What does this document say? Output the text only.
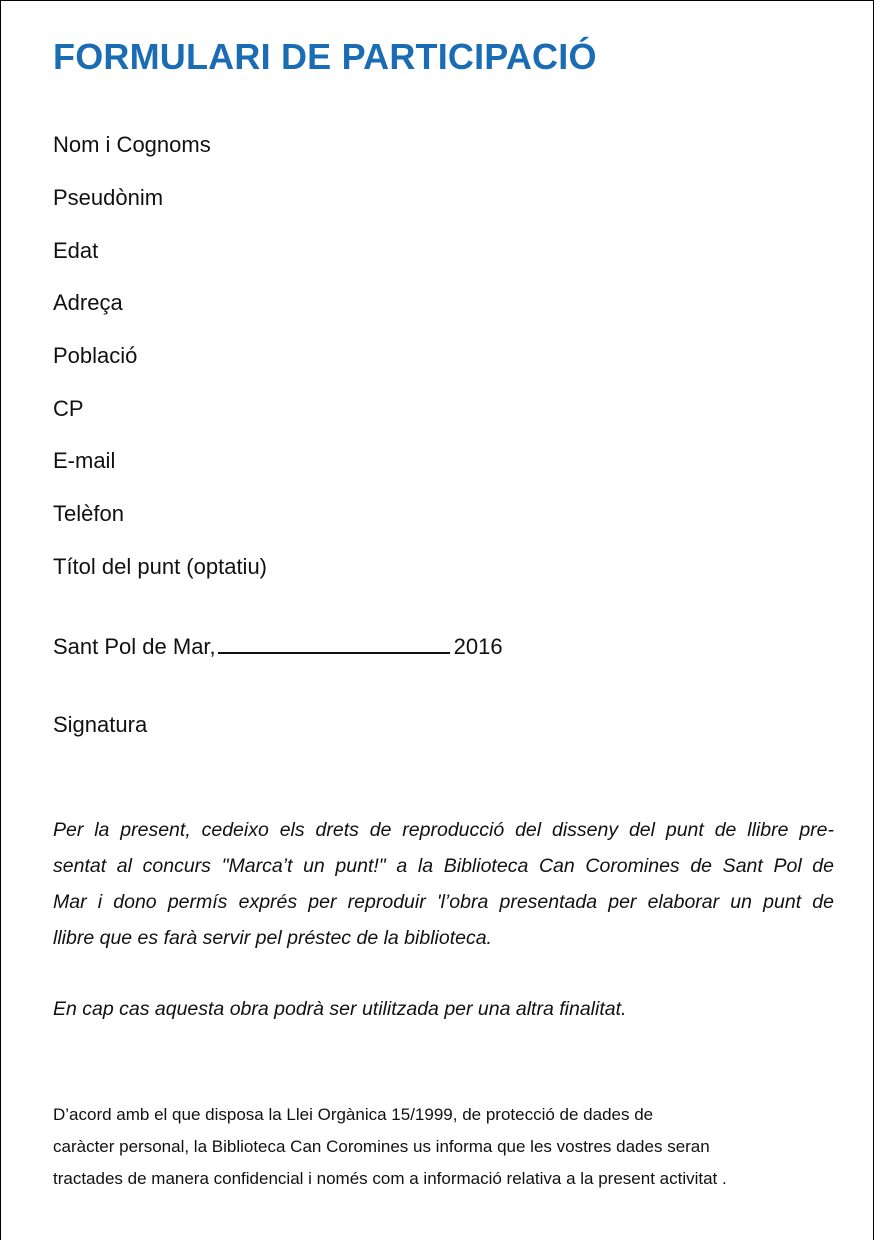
FORMULARI DE PARTICIPACIÓ
Nom i Cognoms
Pseudònim
Edat
Adreça
Població
CP
E-mail
Telèfon
Títol del punt (optatiu)
Sant Pol de Mar,	2016
Signatura
Per la present, cedeixo els drets de reproducció del disseny del punt de llibre pre-
sentat al concurs "Marca’t un punt!" a la Biblioteca Can Coromines de Sant Pol de
Mar i dono permís exprés per reproduir 'l’obra presentada per elaborar un punt de
llibre que es farà servir pel préstec de la biblioteca.
En cap cas aquesta obra podrà ser utilitzada per una altra finalitat.
D’acord amb el que disposa la Llei Orgànica 15/1999, de protecció de dades de
caràcter personal, la Biblioteca Can Coromines us informa que les vostres dades seran
tractades de manera confidencial i només com a informació relativa a la present activitat .
